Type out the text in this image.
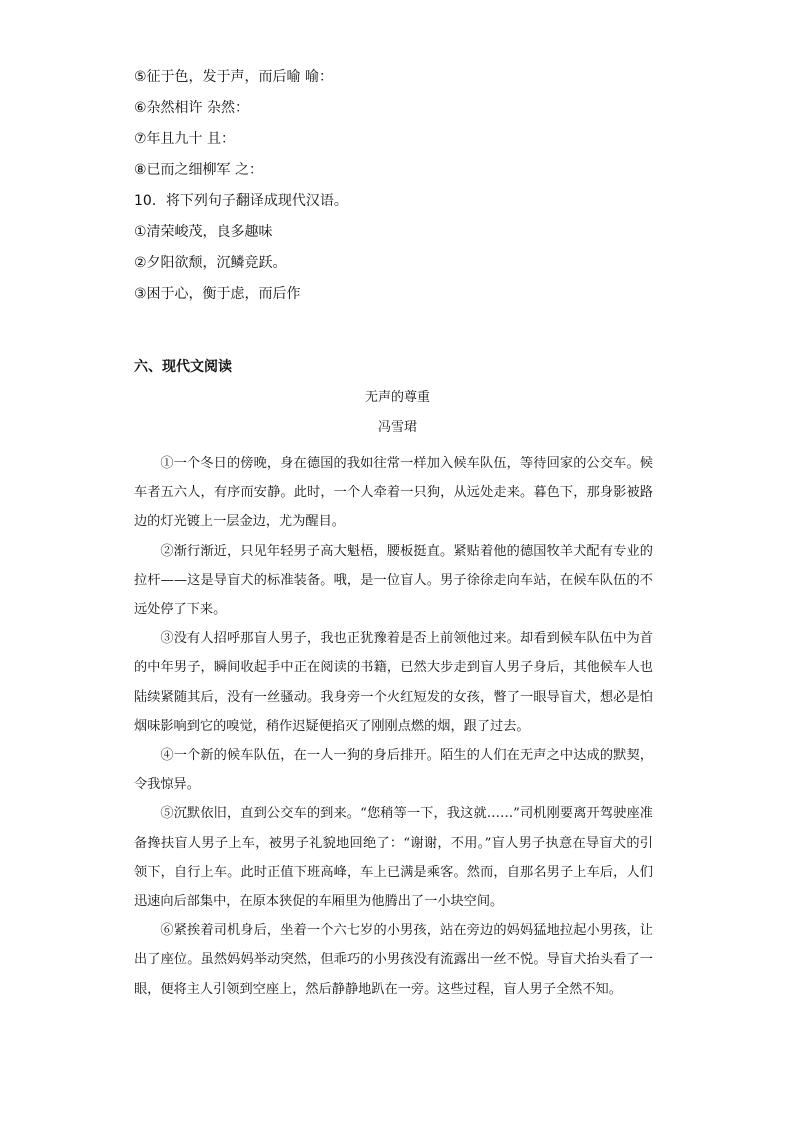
⑤征于色，发于声，而后喻 喻：
⑥杂然相许 杂然：
⑦年且九十 且：
⑧已而之细柳军 之：
10．将下列句子翻译成现代汉语。
①清荣峻茂，良多趣味
②夕阳欲颓，沉鳞竞跃。
③困于心，衡于虑，而后作
六、现代文阅读
无声的尊重
冯雪珺

①一个冬日的傍晚，身在德国的我如往常一样加入候车队伍，等待回家的公交车。候车者五六人，有序而安静。此时，一个人牵着一只狗，从远处走来。暮色下，那身影被路边的灯光镀上一层金边，尤为醒目。

②渐行渐近，只见年轻男子高大魁梧，腰板挺直。紧贴着他的德国牧羊犬配有专业的拉杆——这是导盲犬的标准装备。哦，是一位盲人。男子徐徐走向车站，在候车队伍的不远处停了下来。

③没有人招呼那盲人男子，我也正犹豫着是否上前领他过来。却看到候车队伍中为首的中年男子，瞬间收起手中正在阅读的书籍，已然大步走到盲人男子身后，其他候车人也陆续紧随其后，没有一丝骚动。我身旁一个火红短发的女孩，瞥了一眼导盲犬，想必是怕烟味影响到它的嗅觉，稍作迟疑便掐灭了刚刚点燃的烟，跟了过去。

④一个新的候车队伍，在一人一狗的身后排开。陌生的人们在无声之中达成的默契，令我惊异。

⑤沉默依旧，直到公交车的到来。“您稍等一下，我这就……”司机刚要离开驾驶座准备搀扶盲人男子上车，被男子礼貌地回绝了：“谢谢，不用。”盲人男子执意在导盲犬的引领下，自行上车。此时正值下班高峰，车上已满是乘客。然而，自那名男子上车后，人们迅速向后部集中，在原本狭促的车厢里为他腾出了一小块空间。

⑥紧挨着司机身后，坐着一个六七岁的小男孩，站在旁边的妈妈猛地拉起小男孩，让出了座位。虽然妈妈举动突然，但乖巧的小男孩没有流露出一丝不悦。导盲犬抬头看了一眼，便将主人引领到空座上，然后静静地趴在一旁。这些过程，盲人男子全然不知。
